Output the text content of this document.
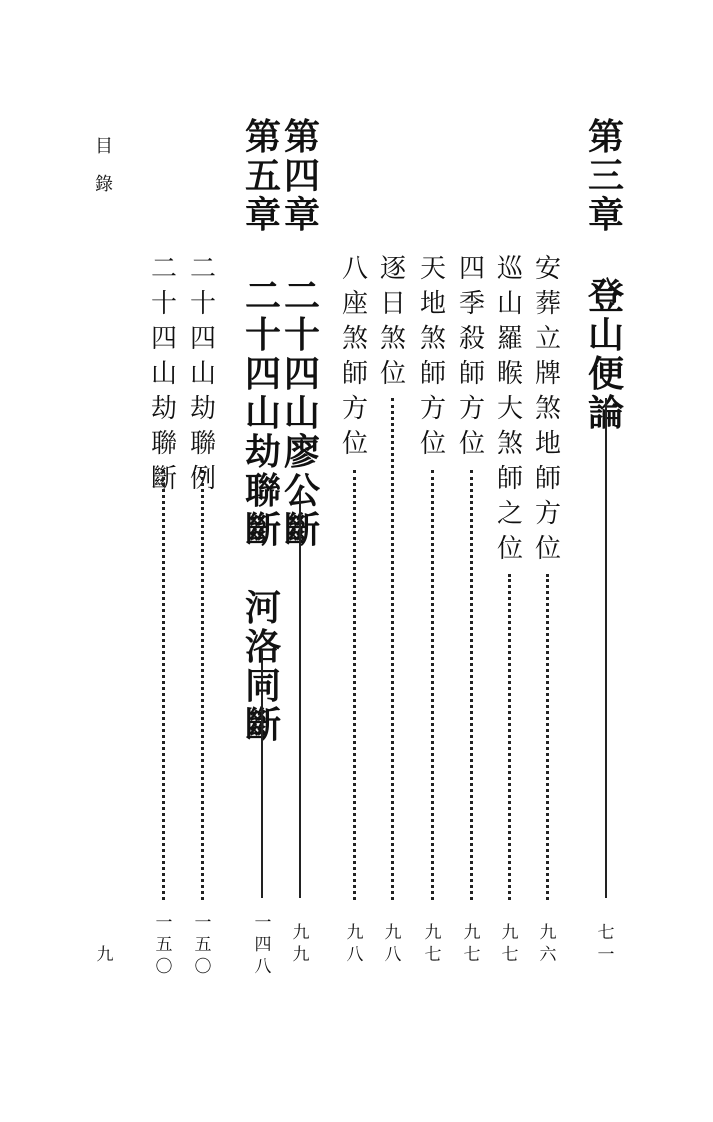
目
錄
第
三
章
登
山
便
論
七
一
安
葬
立
牌
煞
地
師
方
位
九
六
巡
山
羅
睺
大
煞
師
之
位
九
七
四
季
殺
師
方
位
九
七
天
地
煞
師
方
位
九
七
逐
日
煞
位
九
八
八
座
煞
師
方
位
九
八
第
四
章
二
十
四
山
廖
公
斷
九
九
第
五
章
二
十
四
山
劫
聯
斷

河
洛
同
斷
一
四
八
二
十
四
山
劫
聯
例
一
五
〇
二
十
四
山
劫
聯
斷
一
五
〇
九
